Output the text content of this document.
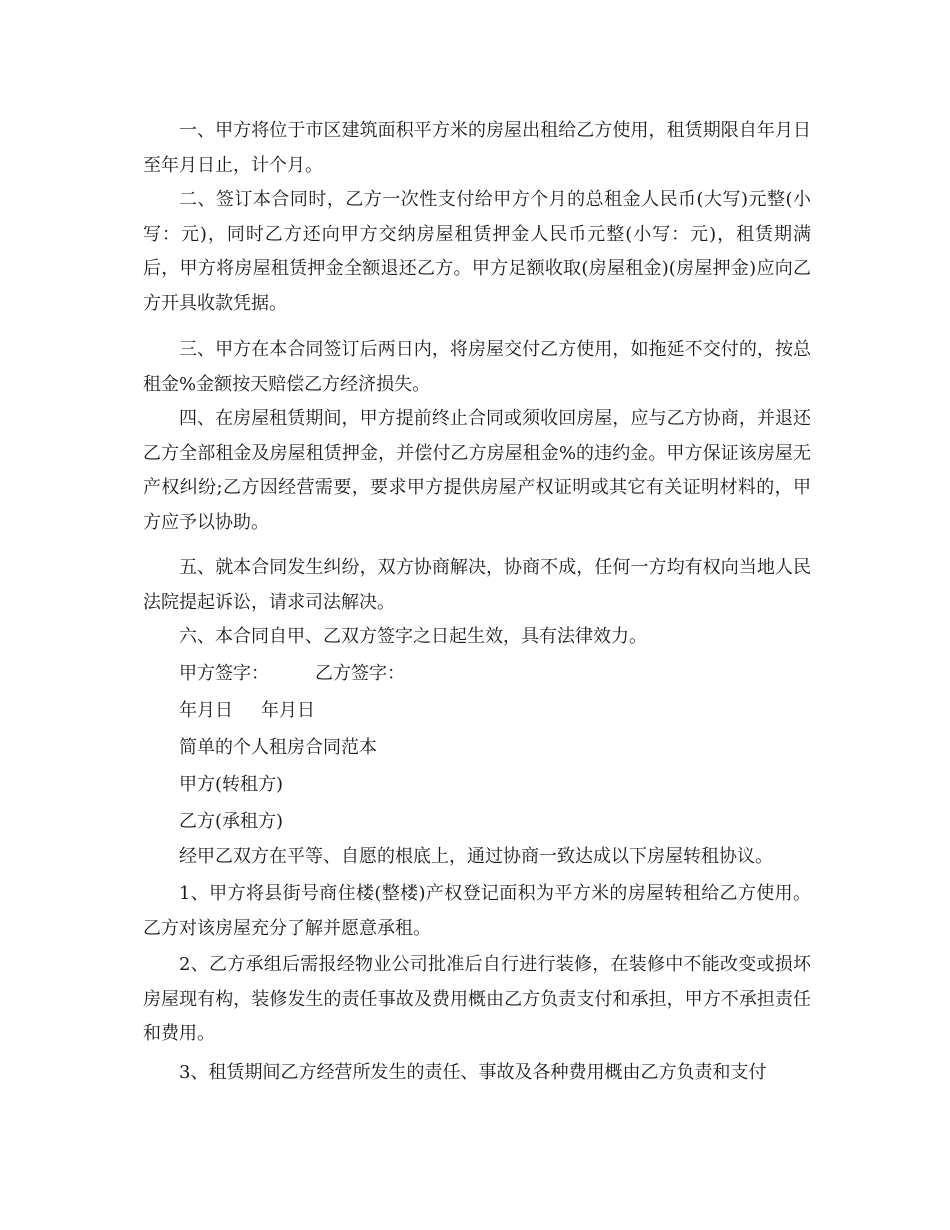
一、甲方将位于市区建筑面积平方米的房屋出租给乙方使用，租赁期限自年月日至年月日止，计个月。

二、签订本合同时，乙方一次性支付给甲方个月的总租金人民币(大写)元整(小写：元)，同时乙方还向甲方交纳房屋租赁押金人民币元整(小写：元)，租赁期满后，甲方将房屋租赁押金全额退还乙方。甲方足额收取(房屋租金)(房屋押金)应向乙方开具收款凭据。

三、甲方在本合同签订后两日内，将房屋交付乙方使用，如拖延不交付的，按总租金%金额按天赔偿乙方经济损失。

四、在房屋租赁期间，甲方提前终止合同或须收回房屋，应与乙方协商，并退还乙方全部租金及房屋租赁押金，并偿付乙方房屋租金%的违约金。甲方保证该房屋无产权纠纷;乙方因经营需要，要求甲方提供房屋产权证明或其它有关证明材料的，甲方应予以协助。

五、就本合同发生纠纷，双方协商解决，协商不成，任何一方均有权向当地人民法院提起诉讼，请求司法解决。

六、本合同自甲、乙双方签字之日起生效，具有法律效力。

甲方签字：	乙方签字：
年月日 年月日
简单的个人租房合同范本
甲方(转租方)
乙方(承租方)

经甲乙双方在平等、自愿的根底上，通过协商一致达成以下房屋转租协议。

1、甲方将县街号商住楼(整楼)产权登记面积为平方米的房屋转租给乙方使用。乙方对该房屋充分了解并愿意承租。

2、乙方承组后需报经物业公司批准后自行进行装修，在装修中不能改变或损坏房屋现有构，装修发生的责任事故及费用概由乙方负责支付和承担，甲方不承担责任和费用。

3、租赁期间乙方经营所发生的责任、事故及各种费用概由乙方负责和支付
